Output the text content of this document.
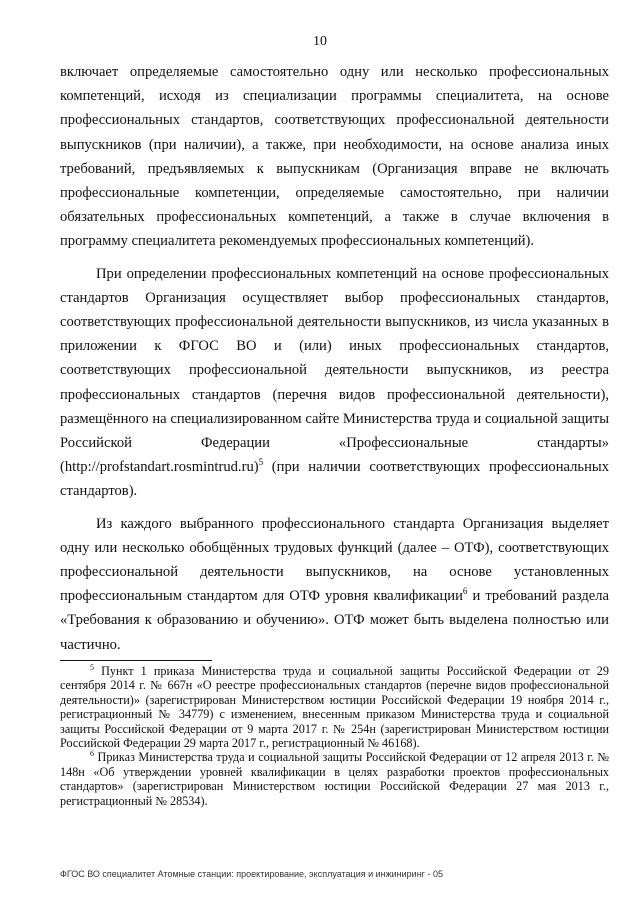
10

включает определяемые самостоятельно одну или несколько профессиональных компетенций, исходя из специализации программы специалитета, на основе профессиональных стандартов, соответствующих профессиональной деятельности выпускников (при наличии), а также, при необходимости, на основе анализа иных требований, предъявляемых к выпускникам (Организация вправе не включать профессиональные компетенции, определяемые самостоятельно, при наличии обязательных профессиональных компетенций, а также в случае включения в программу специалитета рекомендуемых профессиональных компетенций).

При определении профессиональных компетенций на основе профессиональных стандартов Организация осуществляет выбор профессиональных стандартов, соответствующих профессиональной деятельности выпускников, из числа указанных в приложении к ФГОС ВО и (или) иных профессиональных стандартов, соответствующих профессиональной деятельности выпускников, из реестра профессиональных стандартов (перечня видов профессиональной деятельности), размещённого на специализированном сайте Министерства труда и социальной защиты Российской Федерации «Профессиональные стандарты» (http://profstandart.rosmintrud.ru)$^5$ (при наличии соответствующих профессиональных стандартов).

Из каждого выбранного профессионального стандарта Организация выделяет одну или несколько обобщённых трудовых функций (далее – ОТФ), соответствующих профессиональной деятельности выпускников, на основе установленных профессиональным стандартом для ОТФ уровня квалификации$^6$ и требований раздела «Требования к образованию и обучению». ОТФ может быть выделена полностью или частично.

$^5$ Пункт 1 приказа Министерства труда и социальной защиты Российской Федерации от 29 сентября 2014 г. № 667н «О реестре профессиональных стандартов (перечне видов профессиональной деятельности)» (зарегистрирован Министерством юстиции Российской Федерации 19 ноября 2014 г., регистрационный № 34779) с изменением, внесенным приказом Министерства труда и социальной защиты Российской Федерации от 9 марта 2017 г. № 254н (зарегистрирован Министерством юстиции Российской Федерации 29 марта 2017 г., регистрационный № 46168).

$^6$ Приказ Министерства труда и социальной защиты Российской Федерации от 12 апреля 2013 г. № 148н «Об утверждении уровней квалификации в целях разработки проектов профессиональных стандартов» (зарегистрирован Министерством юстиции Российской Федерации 27 мая 2013 г., регистрационный № 28534).

ФГОС ВО специалитет Атомные станции: проектирование, эксплуатация и инжиниринг - 05
